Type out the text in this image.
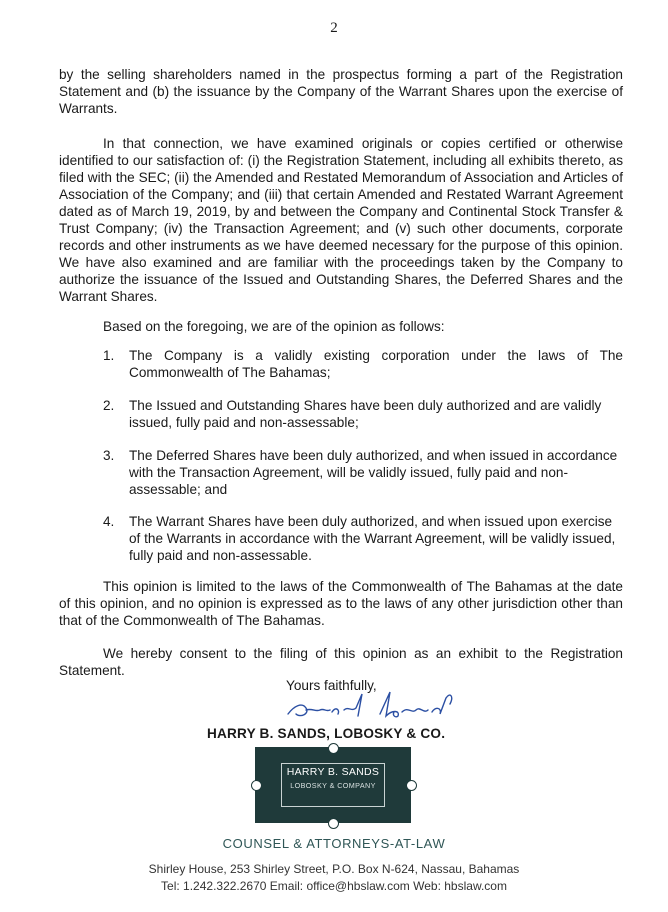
2

by the selling shareholders named in the prospectus forming a part of the Registration Statement and (b) the issuance by the Company of the Warrant Shares upon the exercise of Warrants.

In that connection, we have examined originals or copies certified or otherwise identified to our satisfaction of: (i) the Registration Statement, including all exhibits thereto, as filed with the SEC; (ii) the Amended and Restated Memorandum of Association and Articles of Association of the Company; and (iii) that certain Amended and Restated Warrant Agreement dated as of March 19, 2019, by and between the Company and Continental Stock Transfer & Trust Company; (iv) the Transaction Agreement; and (v) such other documents, corporate records and other instruments as we have deemed necessary for the purpose of this opinion. We have also examined and are familiar with the proceedings taken by the Company to authorize the issuance of the Issued and Outstanding Shares, the Deferred Shares and the Warrant Shares.

Based on the foregoing, we are of the opinion as follows:

1. The Company is a validly existing corporation under the laws of The Commonwealth of The Bahamas;
2. The Issued and Outstanding Shares have been duly authorized and are validly issued, fully paid and non-assessable;
3. The Deferred Shares have been duly authorized, and when issued in accordance with the Transaction Agreement, will be validly issued, fully paid and non-assessable; and
4. The Warrant Shares have been duly authorized, and when issued upon exercise of the Warrants in accordance with the Warrant Agreement, will be validly issued, fully paid and non-assessable.

This opinion is limited to the laws of the Commonwealth of The Bahamas at the date of this opinion, and no opinion is expressed as to the laws of any other jurisdiction other than that of the Commonwealth of The Bahamas.

We hereby consent to the filing of this opinion as an exhibit to the Registration Statement.

Yours faithfully,
HARRY B. SANDS, LOBOSKY & CO.
HARRY B. SANDS
LOBOSKY & COMPANY
COUNSEL & ATTORNEYS-AT-LAW
Shirley House, 253 Shirley Street, P.O. Box N-624, Nassau, Bahamas
Tel: 1.242.322.2670 Email: office@hbslaw.com Web: hbslaw.com
